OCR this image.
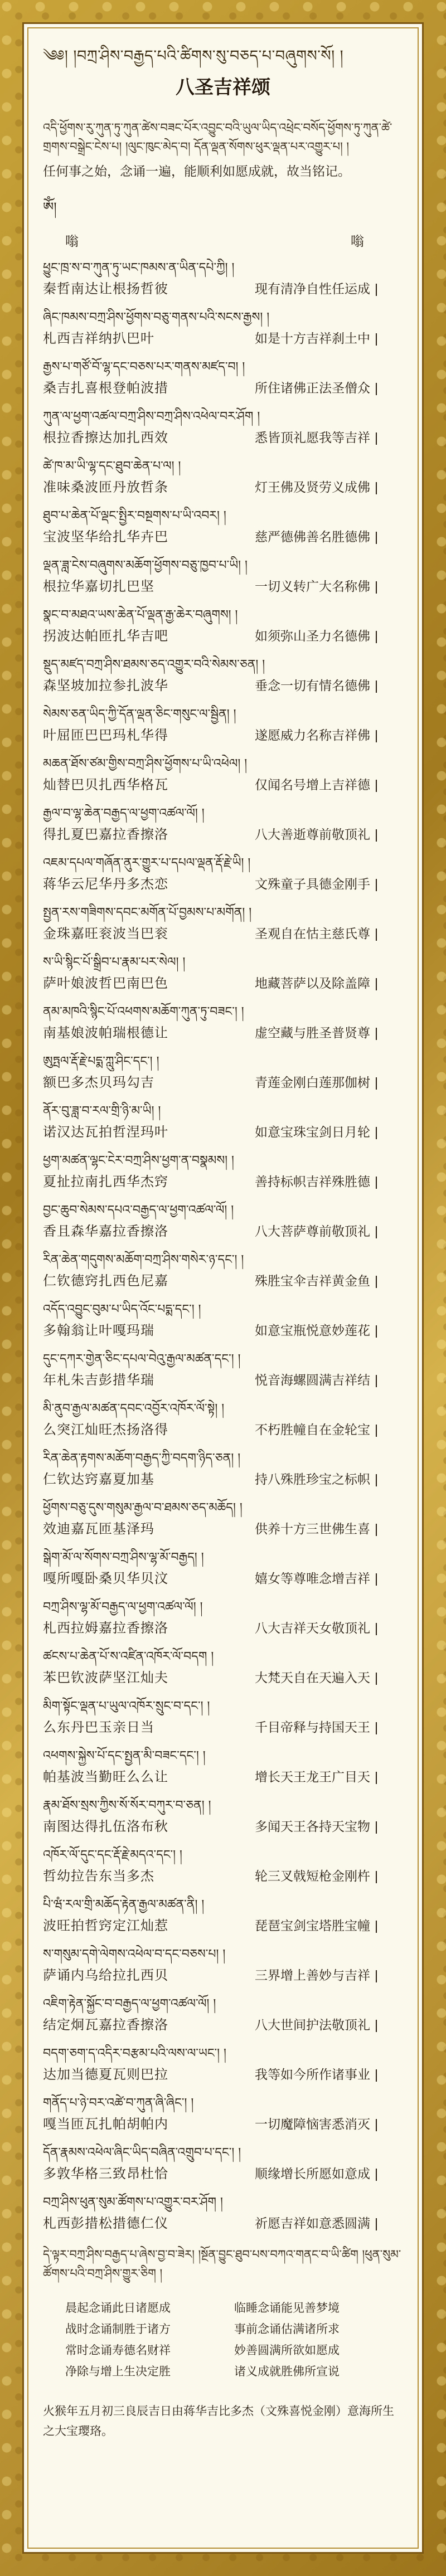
༄༅། །བཀྲ་ཤིས་བརྒྱད་པའི་ཚིགས་སུ་བཅད་པ་བཞུགས་སོ། །
八圣吉祥颂
འདི་ཕྱོགས་རུ་ཀུན་ཏུ་ཀུན་ཚེས་བཟང་པོར་འབྱུང་བའི་ཡུལ་ཡིད་འཕྲེང་བསོད་ཕྱོགས་ཏུ་ཀུན་ཚེ་གྲགས་བསྒྲེང་ངེས་པ། །ལུང་ཁུང་མེད་བ། དོན་ལྡན་སོགས་ཕུར་ལྡན་པར་འགྱུར་པ། །
任何事之始，念诵一遍，能顺利如愿成就，故当铭记。
ཨོཾ།
嗡	嗡
ཕྱུང་ཁྲ་ས་བ་ཀུན་ཏུ་ཡང་ཁམས་ན་ཡིན་དཔེ་ཀྱི། །
秦哲南达让根扬哲彼	现有清净自性任运成
ཞིང་ཁམས་བཀྲ་ཤིས་ཕྱོགས་བཅུ་གནས་པའི་སངས་རྒྱས། །
札西吉祥纳扒巴叶	如是十方吉祥刹土中
རྒྱས་པ་གཙོ་བོ་ལྷ་དང་བཅས་པར་གནས་མཛད་བ། །
桑吉扎喜根登帕波措	所住诸佛正法圣僧众
ཀུན་ལ་ཕྱག་འཚལ་བཀྲ་ཤིས་བཀྲ་ཤིས་འཕེལ་བར་ཤོག །
根拉香擦达加扎西效	悉皆顶礼愿我等吉祥
ཚེ་ཁ་མ་ཡི་ལྷ་དང་ཐུབ་ཆེན་པ་ལ། །
准味桑波匝丹放哲条	灯王佛及贤劳义成佛
ཐུབ་པ་ཆེན་པོ་ལྡང་སྤྱིར་བསྔགས་པ་ཡི་འབར། །
宝波坚华给扎华卉巴	慈严德佛善名胜德佛
ལྡན་ཟླ་ངེས་བཞུགས་མཆོག་ཕྱོགས་བཅུ་ཁྱབ་པ་ཡི། །
根拉华嘉切扎巴坚	一切义转广大名称佛
སྣང་བ་མཐའ་ཡས་ཆེན་པོ་ལྡན་རྒྱ་ཆེར་བཞུགས། །
拐波达帕匝扎华吉吧	如须弥山圣力名德佛
སྡུད་མཛད་བཀྲ་ཤིས་ཐམས་ཅད་འགྱུར་བའི་སེམས་ཅན། །
森坚坡加拉参扎波华	垂念一切有情名德佛
སེམས་ཅན་ཡིད་ཀྱི་དོན་ལྡན་ཅིང་གསུང་ལ་སྦྱིན། །
叶屈匝巴巴玛札华得	遂愿威力名称吉祥佛
མཆན་ཐོས་ཙམ་གྱིས་བཀྲ་ཤིས་ཕྱོགས་པ་ཡི་འཕེལ། །
灿替巴贝扎西华格瓦	仅闻名号增上吉祥德
རྒྱལ་བ་ལྷ་ཆེན་བརྒྱད་ལ་ཕྱག་འཚལ་ལོ། །
得扎夏巴嘉拉香擦洛	八大善逝尊前敬顶礼
འཇམ་དཔལ་གཞོན་ནུར་གྱུར་པ་དཔལ་ལྡན་རྡོ་རྗེ་ཡི། །
蒋华云尼华丹多杰恋	文殊童子具德金刚手
སྤྱན་རས་གཟིགས་དབང་མགོན་པོ་བྱམས་པ་མགོན། །
金珠嘉旺衮波当巴衮	圣观自在怙主慈氏尊
ས་ཡི་སྙིང་པོ་སྒྲིབ་པ་རྣམ་པར་སེལ། །
萨叶娘波哲巴南巴色	地藏菩萨以及除盖障
ནམ་མཁའི་སྙིང་པོ་འཕགས་མཆོག་ཀུན་ཏུ་བཟང་། །
南基娘波帕瑞根德让	虚空藏与胜圣普贤尊
ཨུཏྤལ་རྡོ་རྗེ་པདྨ་ཀླུ་ཤིང་དང་། །
额巴多杰贝玛勾吉	青莲金刚白莲那伽树
ནོར་བུ་ཟླ་བ་རལ་གྲི་ཉི་མ་ཡི། །
诺汉达瓦拍哲涅玛叶	如意宝珠宝剑日月轮
ཕྱག་མཚན་ལྷང་ངེར་བཀྲ་ཤིས་ཕྱག་ན་བསྣམས། །
夏扯拉南扎西华杰窍	善持标帜吉祥殊胜德
བྱང་ཆུབ་སེམས་དཔའ་བརྒྱད་ལ་ཕྱག་འཚལ་ལོ། །
香且森华嘉拉香擦洛	八大菩萨尊前敬顶礼
རིན་ཆེན་གདུགས་མཆོག་བཀྲ་ཤིས་གསེར་ཉ་དང་། །
仁钦德窍扎西色尼嘉	殊胜宝伞吉祥黄金鱼
འདོད་འབྱུང་བུམ་པ་ཡིད་འོང་པདྨ་དང་། །
多翰翁让叶嘎玛瑞	如意宝瓶悦意妙莲花
དུང་དཀར་གྱེན་ཅིང་དཔལ་བེའུ་རྒྱལ་མཚན་དང་། །
年札朱吉彭措华瑞	悦音海螺圆满吉祥结
མི་ནུབ་རྒྱལ་མཚན་དབང་འབྱོར་འཁོར་ལོ་སྟེ། །
么突江灿旺杰扬洛得	不朽胜幢自在金轮宝
རིན་ཆེན་རྟགས་མཆོག་བརྒྱད་ཀྱི་བདག་ཉིད་ཅན། །
仁钦达窍嘉夏加基	持八殊胜珍宝之标帜
ཕྱོགས་བཅུ་དུས་གསུམ་རྒྱལ་བ་ཐམས་ཅད་མཆོད། །
效迪嘉瓦匝基泽玛	供养十方三世佛生喜
སྒེག་མོ་ལ་སོགས་བཀྲ་ཤིས་ལྷ་མོ་བརྒྱད། །
嘎所嘎卧桑贝华贝汶	嬉女等尊唯念增吉祥
བཀྲ་ཤིས་ལྷ་མོ་བརྒྱད་ལ་ཕྱག་འཚལ་ལོ། །
札西拉姆嘉拉香擦洛	八大吉祥天女敬顶礼
ཚངས་པ་ཆེན་པོ་ས་འཛིན་འཁོར་ལོ་བདག །
苯巴钦波萨坚江灿夫	大梵天自在天遍入天
མིག་སྟོང་ལྡན་པ་ཡུལ་འཁོར་སྲུང་བ་དང་། །
么东丹巴玉亲日当	千目帝释与持国天王
འཕགས་སྐྱེས་པོ་དང་སྤྱན་མི་བཟང་དང་། །
帕基波当勤旺么么让	增长天王龙王广目天
རྣམ་ཐོས་སྲས་ཀྱིས་སོ་སོར་བཀུར་བ་ཅན། །
南图达得扎伍洛布秋	多闻天王各持天宝物
འཁོར་ལོ་དུང་དང་རྡོ་རྗེ་མདའ་དང་། །
哲幼拉告东当多杰	轮三叉戟短枪金刚杵
པི་ཝཾ་རལ་གྲི་མཆོད་རྟེན་རྒྱལ་མཚན་ནི། །
波旺拍哲窍定江灿惹	琵琶宝剑宝塔胜宝幢
ས་གསུམ་དགེ་ལེགས་འཕེལ་བ་དང་བཅས་པ། །
萨诵内乌给拉扎西贝	三界增上善妙与吉祥
འཇིག་རྟེན་སྐྱོང་བ་བརྒྱད་ལ་ཕྱག་འཚལ་ལོ། །
结定炯瓦嘉拉香擦洛	八大世间护法敬顶礼
བདག་ཅག་ད་འདིར་བརྩམ་པའི་ལས་ལ་ཡང་། །
达加当德夏瓦则巴拉	我等如今所作诸事业
གནོད་པ་ཉེ་བར་འཚེ་བ་ཀུན་ཞི་ཞིང་། །
嘎当匝瓦扎帕胡帕内	一切魔障恼害悉消灭
དོན་རྣམས་འཕེལ་ཞིང་ཡིད་བཞིན་འགྲུབ་པ་དང་། །
多敦华格三致昂杜恰	顺缘增长所愿如意成
བཀྲ་ཤིས་ཕུན་སུམ་ཚོགས་པ་འགྱུར་བར་ཤོག །
札西彭措松措德仁仪	祈愿吉祥如意悉圆满
དེ་ལྟར་བཀྲ་ཤིས་བརྒྱད་པ་ཞེས་བྱ་བ་ཟེར། །སྔོན་བྱུང་ཐུབ་པས་བཀའ་གནང་བ་ཡི་ཚིག །ཕུན་སུམ་ཚོགས་པའི་བཀྲ་ཤིས་གྱུར་ཅིག །
晨起念诵此日诸愿成	临睡念诵能见善梦境
战时念诵制胜于诸方	事前念诵估满诸所求
常时念诵寿德名财祥	妙善圆满所欲如愿成
净除与增上生决定胜	诸义成就胜佛所宣说
火猴年五月初三良辰吉日由蒋华吉比多杰（文殊喜悦金刚）意海所生之大宝璎珞。
